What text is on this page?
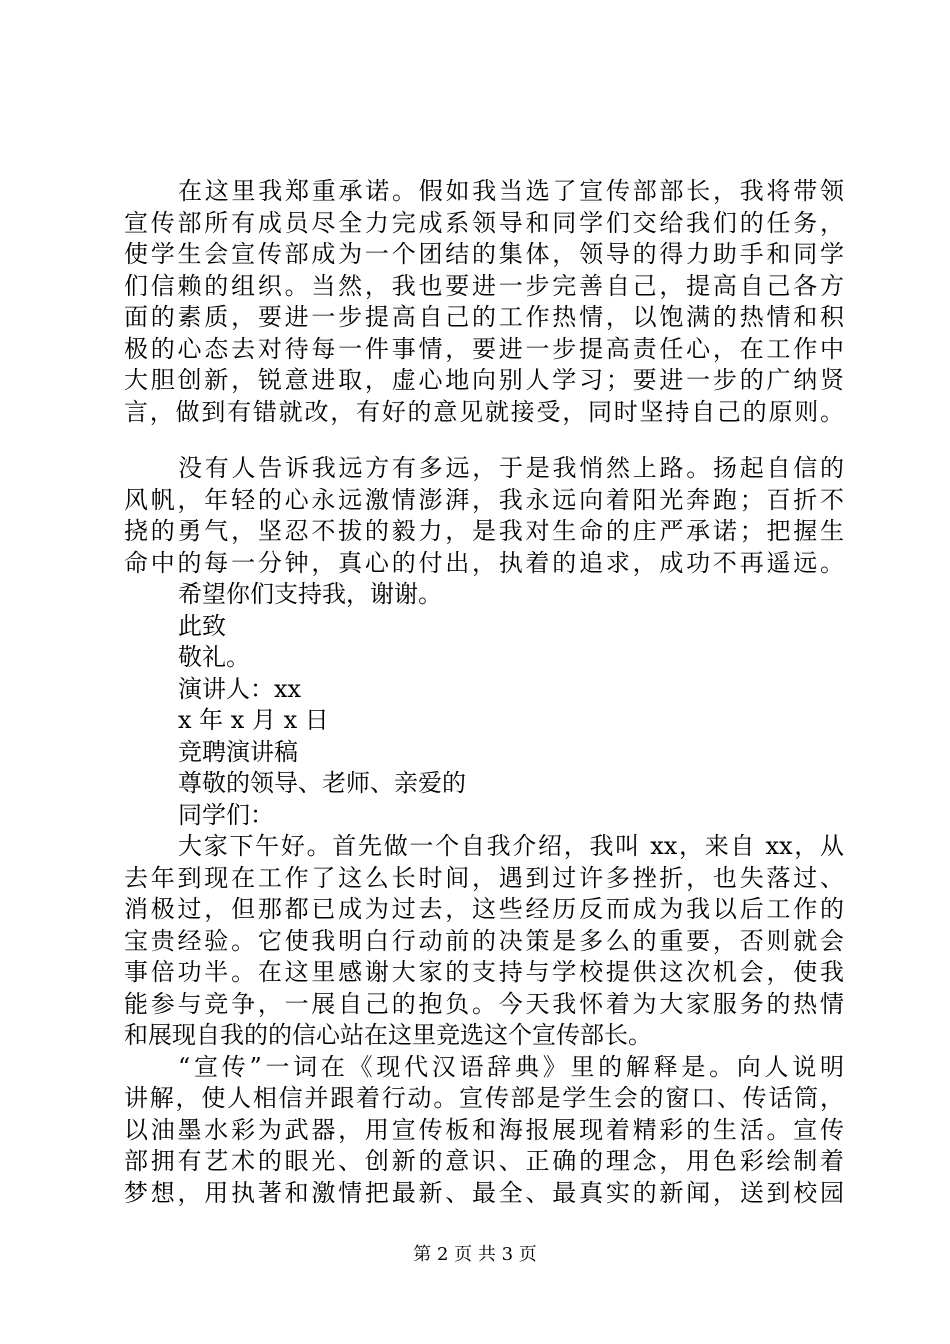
在这里我郑重承诺。假如我当选了宣传部部长，我将带领
宣传部所有成员尽全力完成系领导和同学们交给我们的任务，
使学生会宣传部成为一个团结的集体，领导的得力助手和同学
们信赖的组织。当然，我也要进一步完善自己，提高自己各方
面的素质，要进一步提高自己的工作热情，以饱满的热情和积
极的心态去对待每一件事情，要进一步提高责任心，在工作中
大胆创新，锐意进取，虚心地向别人学习；要进一步的广纳贤
言，做到有错就改，有好的意见就接受，同时坚持自己的原则。
没有人告诉我远方有多远，于是我悄然上路。扬起自信的
风帆，年轻的心永远激情澎湃，我永远向着阳光奔跑；百折不
挠的勇气，坚忍不拔的毅力，是我对生命的庄严承诺；把握生
命中的每一分钟，真心的付出，执着的追求，成功不再遥远。
希望你们支持我，谢谢。
此致
敬礼。
演讲人：xx
x 年 x 月 x 日
竞聘演讲稿
尊敬的领导、老师、亲爱的
同学们：
大家下午好。首先做一个自我介绍，我叫 xx，来自 xx，从
去年到现在工作了这么长时间，遇到过许多挫折，也失落过、
消极过，但那都已成为过去，这些经历反而成为我以后工作的
宝贵经验。它使我明白行动前的决策是多么的重要，否则就会
事倍功半。在这里感谢大家的支持与学校提供这次机会，使我
能参与竞争，一展自己的抱负。今天我怀着为大家服务的热情
和展现自我的的信心站在这里竞选这个宣传部长。
“宣传”一词在《现代汉语辞典》里的解释是。向人说明
讲解，使人相信并跟着行动。宣传部是学生会的窗口、传话筒，
以油墨水彩为武器，用宣传板和海报展现着精彩的生活。宣传
部拥有艺术的眼光、创新的意识、正确的理念，用色彩绘制着
梦想，用执著和激情把最新、最全、最真实的新闻，送到校园
第 2 页 共 3 页
